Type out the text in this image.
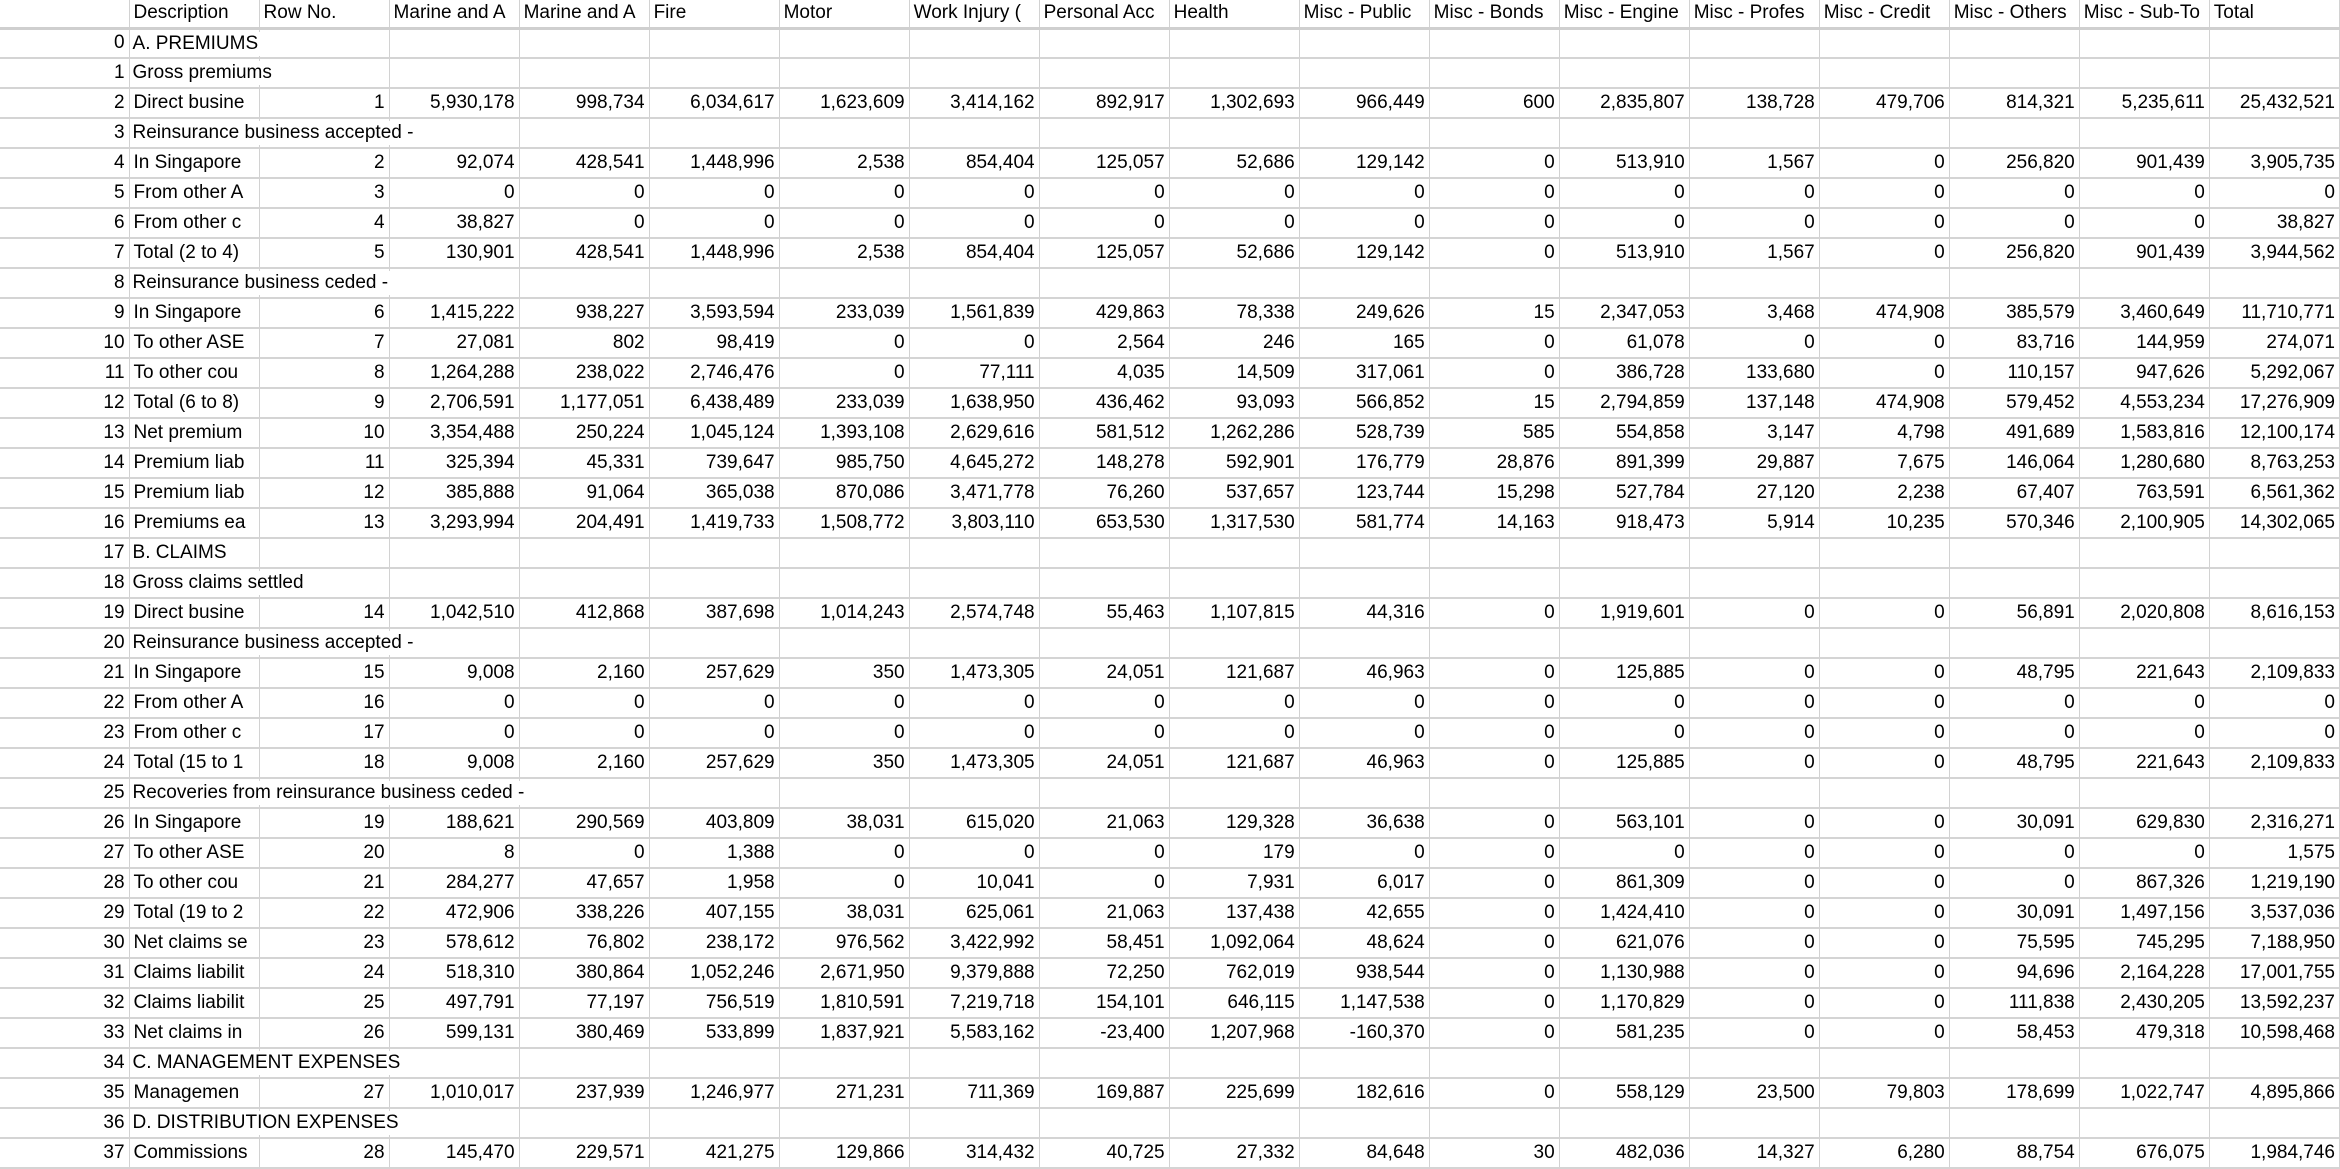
	Description	Row No.	Marine and A	Marine and A	Fire	Motor	Work Injury (	Personal Acc	Health	Misc - Public	Misc - Bonds	Misc - Engine	Misc - Profes	Misc - Credit	Misc - Others	Misc - Sub-To	Total
0	A. PREMIUMS																

1	Gross premiums																

2	Direct busine	1	5,930,178	998,734	6,034,617	1,623,609	3,414,162	892,917	1,302,693	966,449	600	2,835,807	138,728	479,706	814,321	5,235,611	25,432,521
3	Reinsurance business accepted -																

4	In Singapore	2	92,074	428,541	1,448,996	2,538	854,404	125,057	52,686	129,142	0	513,910	1,567	0	256,820	901,439	3,905,735
5	From other A	3	0	0	0	0	0	0	0	0	0	0	0	0	0	0	0
6	From other c	4	38,827	0	0	0	0	0	0	0	0	0	0	0	0	0	38,827
7	Total (2 to 4)	5	130,901	428,541	1,448,996	2,538	854,404	125,057	52,686	129,142	0	513,910	1,567	0	256,820	901,439	3,944,562
8	Reinsurance business ceded -																

9	In Singapore	6	1,415,222	938,227	3,593,594	233,039	1,561,839	429,863	78,338	249,626	15	2,347,053	3,468	474,908	385,579	3,460,649	11,710,771
10	To other ASE	7	27,081	802	98,419	0	0	2,564	246	165	0	61,078	0	0	83,716	144,959	274,071
11	To other cou	8	1,264,288	238,022	2,746,476	0	77,111	4,035	14,509	317,061	0	386,728	133,680	0	110,157	947,626	5,292,067
12	Total (6 to 8)	9	2,706,591	1,177,051	6,438,489	233,039	1,638,950	436,462	93,093	566,852	15	2,794,859	137,148	474,908	579,452	4,553,234	17,276,909
13	Net premium	10	3,354,488	250,224	1,045,124	1,393,108	2,629,616	581,512	1,262,286	528,739	585	554,858	3,147	4,798	491,689	1,583,816	12,100,174
14	Premium liab	11	325,394	45,331	739,647	985,750	4,645,272	148,278	592,901	176,779	28,876	891,399	29,887	7,675	146,064	1,280,680	8,763,253
15	Premium liab	12	385,888	91,064	365,038	870,086	3,471,778	76,260	537,657	123,744	15,298	527,784	27,120	2,238	67,407	763,591	6,561,362
16	Premiums ea	13	3,293,994	204,491	1,419,733	1,508,772	3,803,110	653,530	1,317,530	581,774	14,163	918,473	5,914	10,235	570,346	2,100,905	14,302,065
17	B. CLAIMS																

18	Gross claims settled																

19	Direct busine	14	1,042,510	412,868	387,698	1,014,243	2,574,748	55,463	1,107,815	44,316	0	1,919,601	0	0	56,891	2,020,808	8,616,153
20	Reinsurance business accepted -																

21	In Singapore	15	9,008	2,160	257,629	350	1,473,305	24,051	121,687	46,963	0	125,885	0	0	48,795	221,643	2,109,833
22	From other A	16	0	0	0	0	0	0	0	0	0	0	0	0	0	0	0
23	From other c	17	0	0	0	0	0	0	0	0	0	0	0	0	0	0	0
24	Total (15 to 1	18	9,008	2,160	257,629	350	1,473,305	24,051	121,687	46,963	0	125,885	0	0	48,795	221,643	2,109,833
25	Recoveries from reinsurance business ceded -																

26	In Singapore	19	188,621	290,569	403,809	38,031	615,020	21,063	129,328	36,638	0	563,101	0	0	30,091	629,830	2,316,271
27	To other ASE	20	8	0	1,388	0	0	0	179	0	0	0	0	0	0	0	1,575
28	To other cou	21	284,277	47,657	1,958	0	10,041	0	7,931	6,017	0	861,309	0	0	0	867,326	1,219,190
29	Total (19 to 2	22	472,906	338,226	407,155	38,031	625,061	21,063	137,438	42,655	0	1,424,410	0	0	30,091	1,497,156	3,537,036
30	Net claims se	23	578,612	76,802	238,172	976,562	3,422,992	58,451	1,092,064	48,624	0	621,076	0	0	75,595	745,295	7,188,950
31	Claims liabilit	24	518,310	380,864	1,052,246	2,671,950	9,379,888	72,250	762,019	938,544	0	1,130,988	0	0	94,696	2,164,228	17,001,755
32	Claims liabilit	25	497,791	77,197	756,519	1,810,591	7,219,718	154,101	646,115	1,147,538	0	1,170,829	0	0	111,838	2,430,205	13,592,237
33	Net claims in	26	599,131	380,469	533,899	1,837,921	5,583,162	-23,400	1,207,968	-160,370	0	581,235	0	0	58,453	479,318	10,598,468
34	C. MANAGEMENT EXPENSES																

35	Managemen	27	1,010,017	237,939	1,246,977	271,231	711,369	169,887	225,699	182,616	0	558,129	23,500	79,803	178,699	1,022,747	4,895,866
36	D. DISTRIBUTION EXPENSES																

37	Commissions	28	145,470	229,571	421,275	129,866	314,432	40,725	27,332	84,648	30	482,036	14,327	6,280	88,754	676,075	1,984,746
